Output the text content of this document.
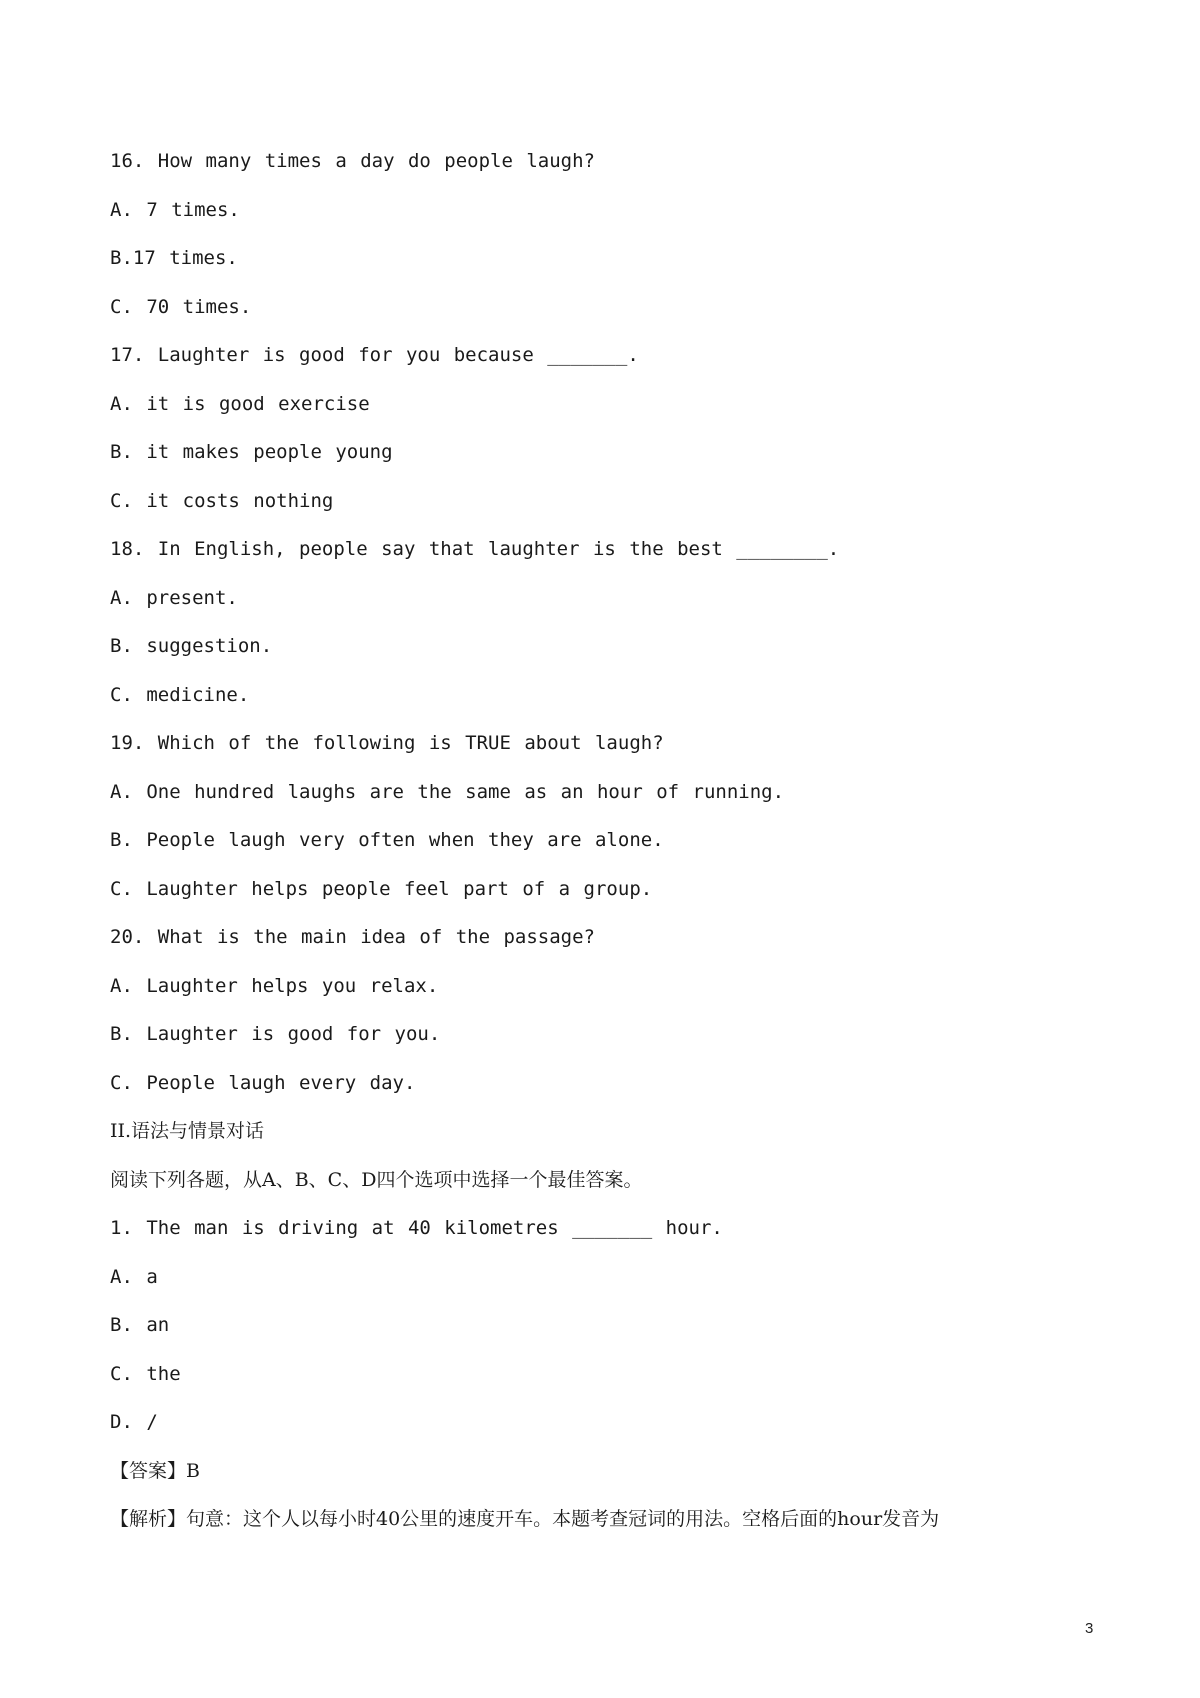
16. How many times a day do people laugh?
A. 7 times.
B.17 times.
C. 70 times.
17. Laughter is good for you because _______.
A. it is good exercise
B. it makes people young
C. it costs nothing
18. In English, people say that laughter is the best ________.
A. present.
B. suggestion.
C. medicine.
19. Which of the following is TRUE about laugh?
A. One hundred laughs are the same as an hour of running.
B. People laugh very often when they are alone.
C. Laughter helps people feel part of a group.
20. What is the main idea of the passage?
A. Laughter helps you relax.
B. Laughter is good for you.
C. People laugh every day.
II.语法与情景对话
阅读下列各题，从A、B、C、D四个选项中选择一个最佳答案。
1. The man is driving at 40 kilometres _______ hour.
A. a
B. an
C. the
D. /
【答案】B
【解析】句意：这个人以每小时40公里的速度开车。本题考查冠词的用法。空格后面的hour发音为
3
